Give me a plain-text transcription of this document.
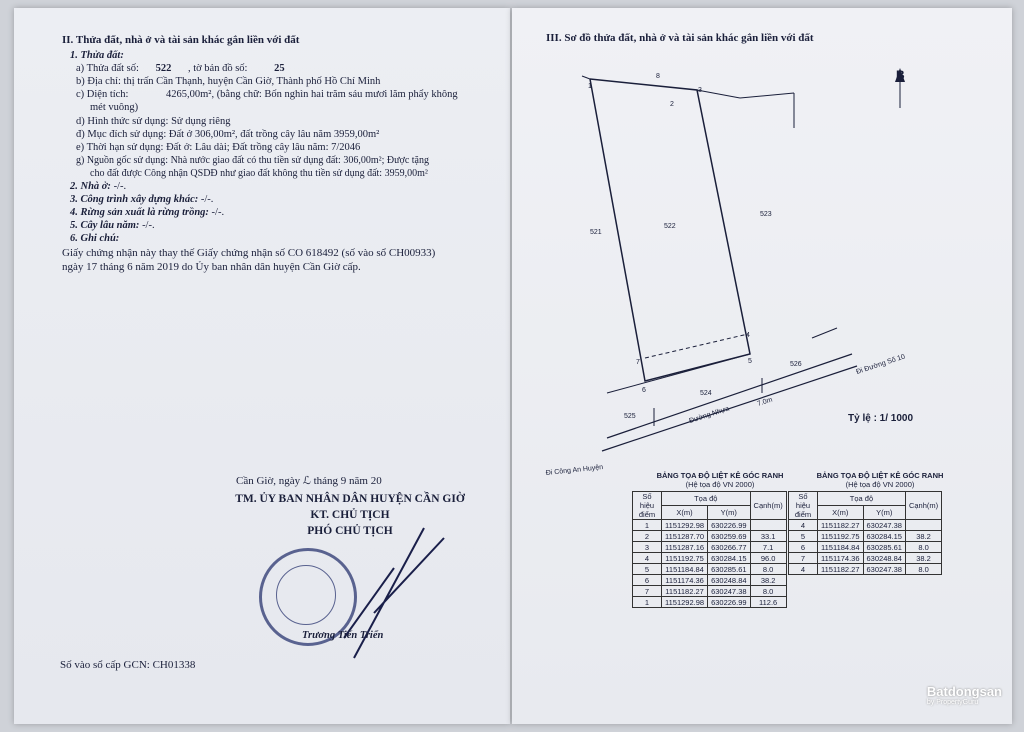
II. Thửa đất, nhà ở và tài sản khác gắn liền với đất
1. Thửa đất:
a) Thửa đất số: 522 , tờ bản đồ số:	25
b) Địa chỉ: thị trấn Cần Thạnh, huyện Cần Giờ, Thành phố Hồ Chí Minh
c) Diện tích:	4265,00m², (bằng chữ: Bốn nghìn hai trăm sáu mươi lăm phẩy không
mét vuông)
d) Hình thức sử dụng: Sử dụng riêng
đ) Mục đích sử dụng: Đất ở 306,00m², đất trồng cây lâu năm 3959,00m²
e) Thời hạn sử dụng: Đất ở: Lâu dài; Đất trồng cây lâu năm: 7/2046
g) Nguồn gốc sử dụng: Nhà nước giao đất có thu tiền sử dụng đất: 306,00m²; Được tặng
cho đất được Công nhận QSDĐ như giao đất không thu tiền sử dụng đất: 3959,00m²
2. Nhà ở: -/-.
3. Công trình xây dựng khác: -/-.
4. Rừng sản xuất là rừng trồng: -/-.
5. Cây lâu năm: -/-.
6. Ghi chú:
Giấy chứng nhận này thay thế Giấy chứng nhận số CO 618492 (số vào sổ CH00933)
ngày 17 tháng 6 năm 2019 do Ủy ban nhân dân huyện Cần Giờ cấp.
Cần Giờ, ngày ℒ tháng 9 năm 20
TM. ỦY BAN NHÂN DÂN HUYỆN CẦN GIỜ
KT. CHỦ TỊCH
PHÓ CHỦ TỊCH
Trương Tiến Triển
Số vào sổ cấp GCN: CH01338
III. Sơ đồ thửa đất, nhà ở và tài sản khác gắn liền với đất
1
2
3
4
5
6
7
8
521
522
523
524
525
526
Đường Nhựa
Đi Đường Số 10
Đi Công An Huyện
7.0m
B
Tỷ lệ : 1/ 1000
BẢNG TỌA ĐỘ LIỆT KÊ GÓC RANH
(Hệ tọa độ VN 2000)
BẢNG TỌA ĐỘ LIỆT KÊ GÓC RANH
(Hệ tọa độ VN 2000)
Số hiệu điểm	Tọa độ		Cạnh(m)
	X(m)	Y(m)	
1	1151292.98	630226.99	
2	1151287.70	630259.69	33.1
3	1151287.16	630266.77	7.1
4	1151192.75	630284.15	96.0
5	1151184.84	630285.61	8.0
6	1151174.36	630248.84	38.2
7	1151182.27	630247.38	8.0
1	1151292.98	630226.99	112.6
Số hiệu điểm	Tọa độ		Cạnh(m)
	X(m)	Y(m)	
4	1151182.27	630247.38	
5	1151192.75	630284.15	38.2
6	1151184.84	630285.61	8.0
7	1151174.36	630248.84	38.2
4	1151182.27	630247.38	8.0
Batdongsan
by PropertyGuru
